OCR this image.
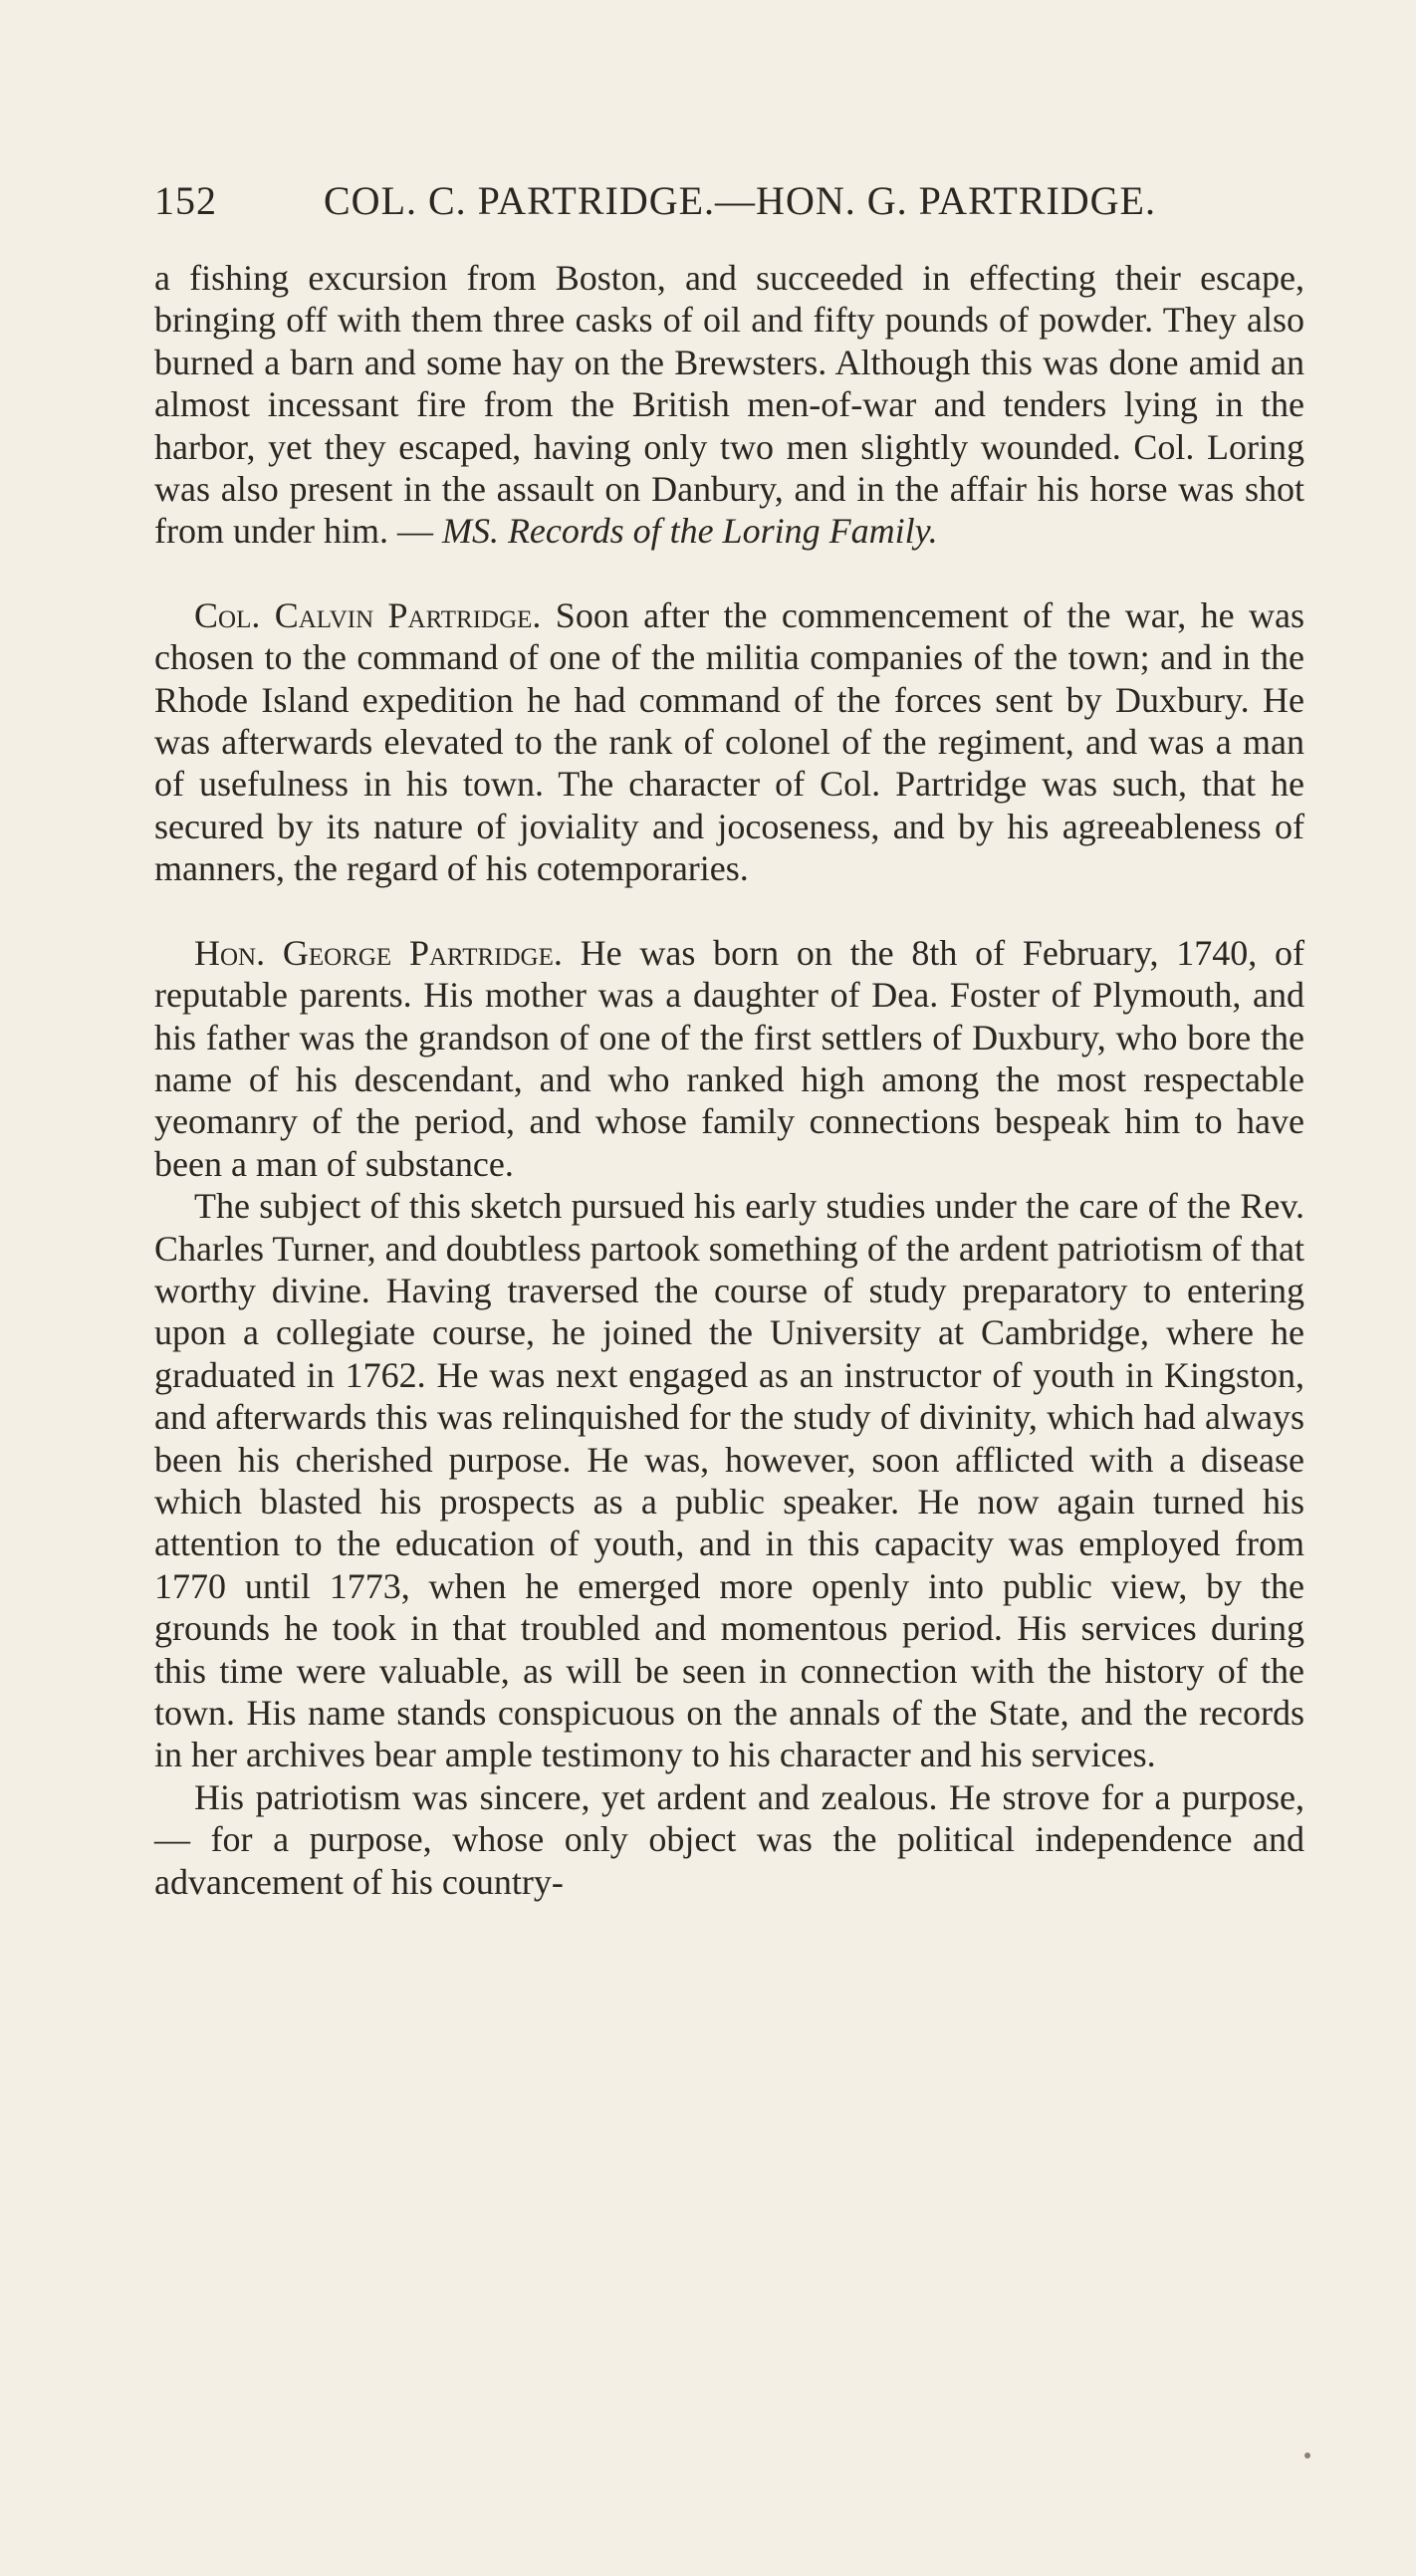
152	COL. C. PARTRIDGE.—HON. G. PARTRIDGE.

a fishing excursion from Boston, and succeeded in effecting their escape, bringing off with them three casks of oil and fifty pounds of powder. They also burned a barn and some hay on the Brewsters. Although this was done amid an almost incessant fire from the British men-of-war and tenders lying in the harbor, yet they escaped, having only two men slightly wounded. Col. Loring was also present in the assault on Danbury, and in the affair his horse was shot from under him. — MS. Records of the Loring Family.

Col. Calvin Partridge. Soon after the commencement of the war, he was chosen to the command of one of the militia companies of the town; and in the Rhode Island expedition he had command of the forces sent by Duxbury. He was afterwards elevated to the rank of colonel of the regiment, and was a man of usefulness in his town. The character of Col. Partridge was such, that he secured by its nature of joviality and jocoseness, and by his agreeableness of manners, the regard of his cotemporaries.

Hon. George Partridge. He was born on the 8th of February, 1740, of reputable parents. His mother was a daughter of Dea. Foster of Plymouth, and his father was the grandson of one of the first settlers of Duxbury, who bore the name of his descendant, and who ranked high among the most respectable yeomanry of the period, and whose family connections bespeak him to have been a man of substance.

The subject of this sketch pursued his early studies under the care of the Rev. Charles Turner, and doubtless partook something of the ardent patriotism of that worthy divine. Having traversed the course of study preparatory to entering upon a collegiate course, he joined the University at Cambridge, where he graduated in 1762. He was next engaged as an instructor of youth in Kingston, and afterwards this was relinquished for the study of divinity, which had always been his cherished purpose. He was, however, soon afflicted with a disease which blasted his prospects as a public speaker. He now again turned his attention to the education of youth, and in this capacity was employed from 1770 until 1773, when he emerged more openly into public view, by the grounds he took in that troubled and momentous period. His services during this time were valuable, as will be seen in connection with the history of the town. His name stands conspicuous on the annals of the State, and the records in her archives bear ample testimony to his character and his services.

His patriotism was sincere, yet ardent and zealous. He strove for a purpose, — for a purpose, whose only object was the political independence and advancement of his country-
